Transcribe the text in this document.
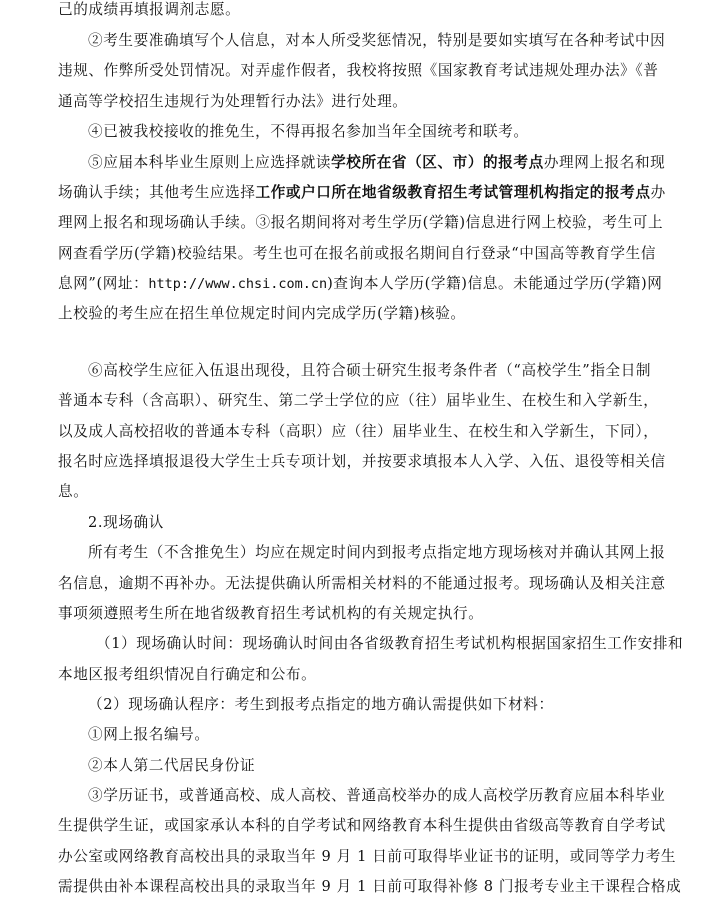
己的成绩再填报调剂志愿。
②考生要准确填写个人信息，对本人所受奖惩情况，特别是要如实填写在各种考试中因
违规、作弊所受处罚情况。对弄虚作假者，我校将按照《国家教育考试违规处理办法》《普
通高等学校招生违规行为处理暂行办法》进行处理。
④已被我校接收的推免生，不得再报名参加当年全国统考和联考。
⑤应届本科毕业生原则上应选择就读学校所在省（区、市）的报考点办理网上报名和现
场确认手续；其他考生应选择工作或户口所在地省级教育招生考试管理机构指定的报考点办
理网上报名和现场确认手续。③报名期间将对考生学历(学籍)信息进行网上校验，考生可上
网查看学历(学籍)校验结果。考生也可在报名前或报名期间自行登录“中国高等教育学生信
息网”(网址：http://www.chsi.com.cn)查询本人学历(学籍)信息。未能通过学历(学籍)网
上校验的考生应在招生单位规定时间内完成学历(学籍)核验。
⑥高校学生应征入伍退出现役，且符合硕士研究生报考条件者（“高校学生”指全日制
普通本专科（含高职）、研究生、第二学士学位的应（往）届毕业生、在校生和入学新生，
以及成人高校招收的普通本专科（高职）应（往）届毕业生、在校生和入学新生，下同），
报名时应选择填报退役大学生士兵专项计划，并按要求填报本人入学、入伍、退役等相关信
息。
2.现场确认
所有考生（不含推免生）均应在规定时间内到报考点指定地方现场核对并确认其网上报
名信息，逾期不再补办。无法提供确认所需相关材料的不能通过报考。现场确认及相关注意
事项须遵照考生所在地省级教育招生考试机构的有关规定执行。
（1）现场确认时间：现场确认时间由各省级教育招生考试机构根据国家招生工作安排和
本地区报考组织情况自行确定和公布。
（2）现场确认程序：考生到报考点指定的地方确认需提供如下材料：
①网上报名编号。
②本人第二代居民身份证
③学历证书，或普通高校、成人高校、普通高校举办的成人高校学历教育应届本科毕业
生提供学生证，或国家承认本科的自学考试和网络教育本科生提供由省级高等教育自学考试
办公室或网络教育高校出具的录取当年 9 月 1 日前可取得毕业证书的证明，或同等学力考生
需提供由补本课程高校出具的录取当年 9 月 1 日前可取得补修 8 门报考专业主干课程合格成
